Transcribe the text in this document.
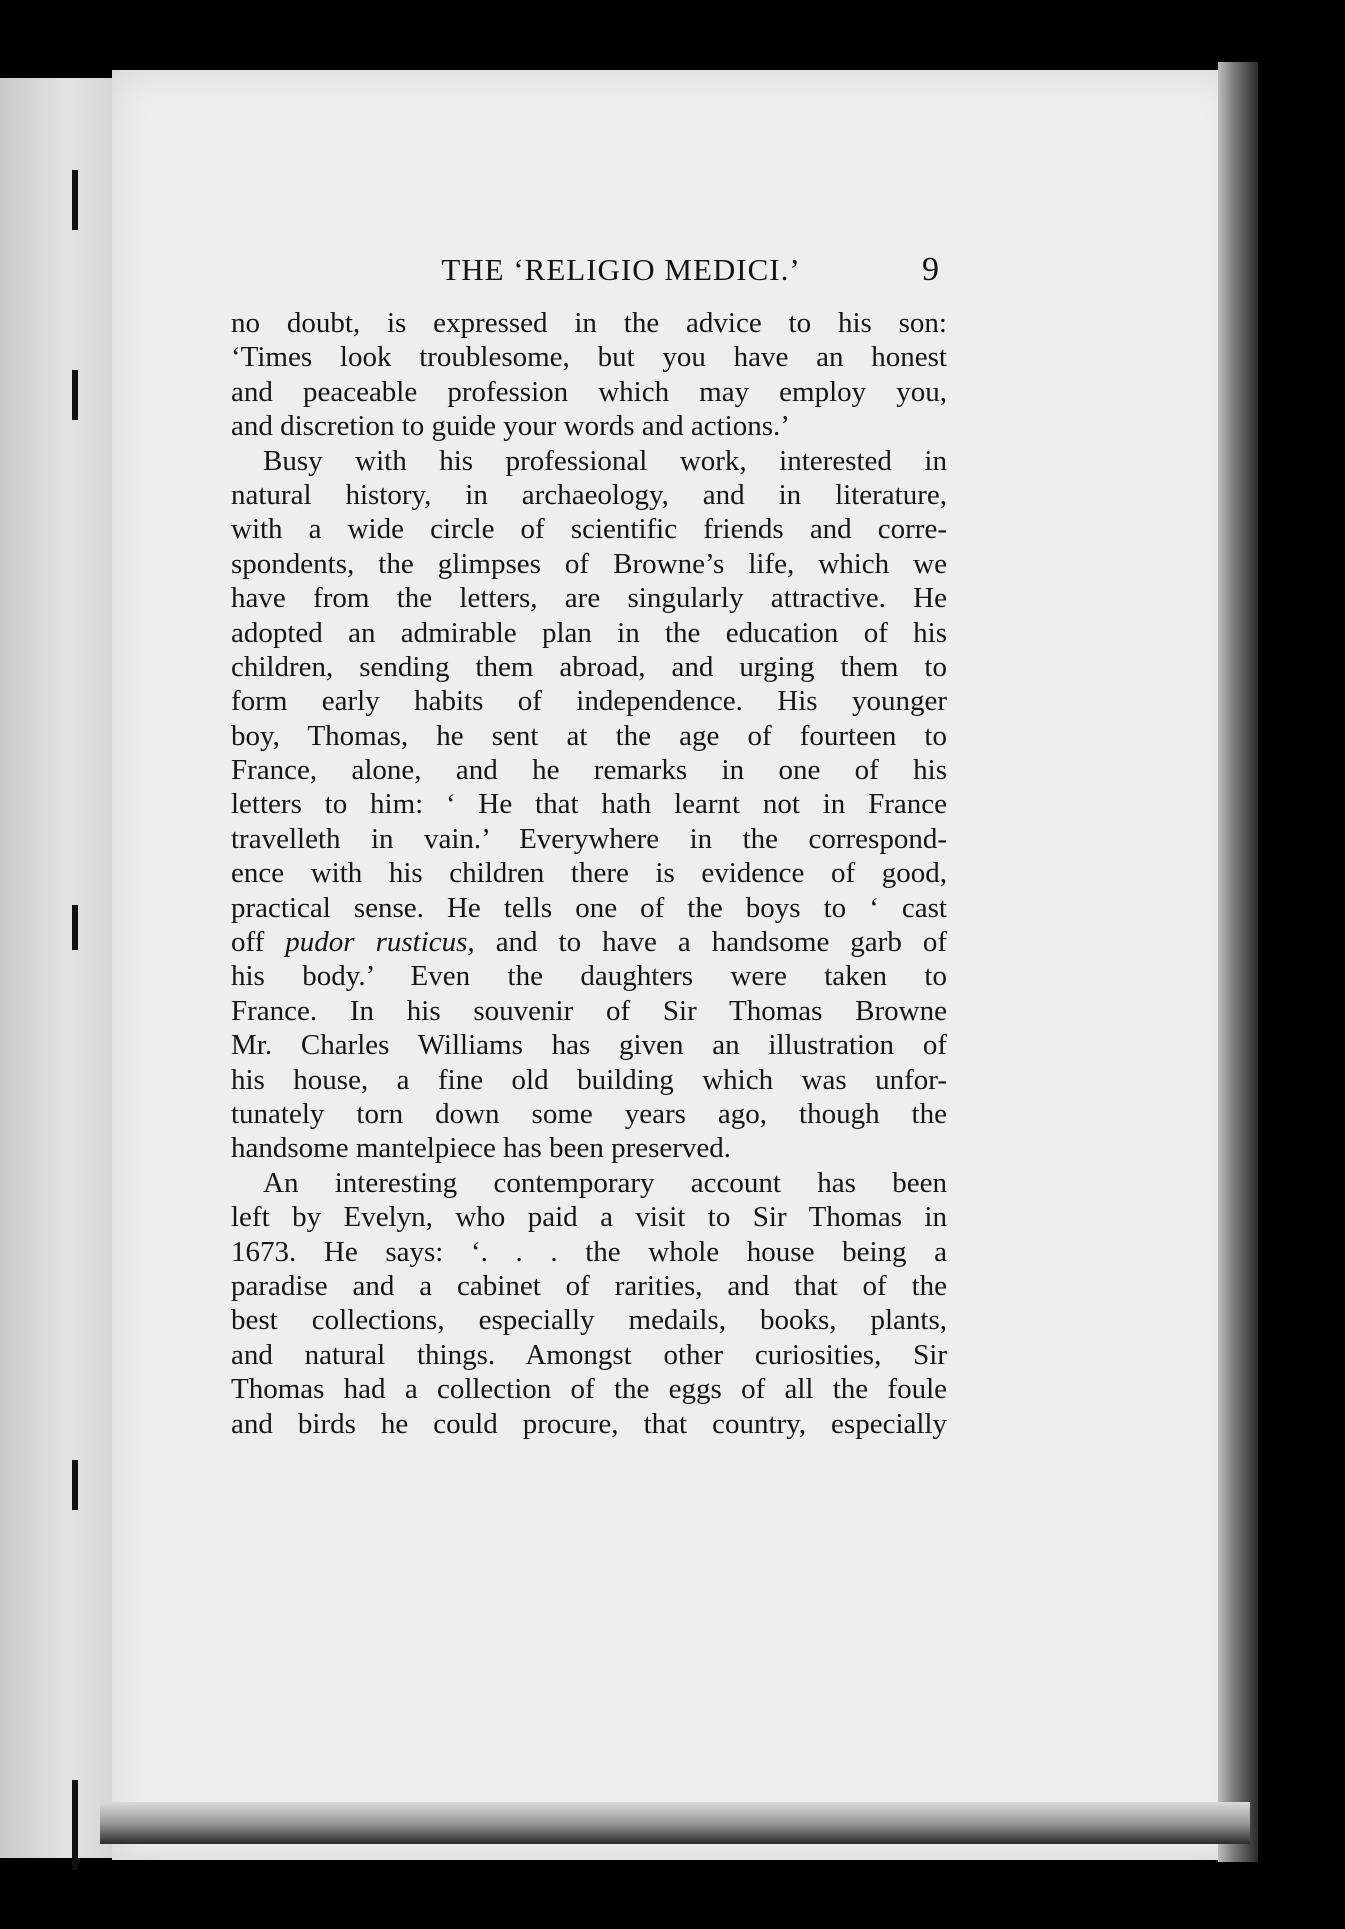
THE ‘RELIGIO MEDICI.’	9
no doubt, is expressed in the advice to his son:
‘Times look troublesome, but you have an honest
and peaceable profession which may employ you,
and discretion to guide your words and actions.’
Busy with his professional work, interested in
natural history, in archaeology, and in literature,
with a wide circle of scientific friends and corre-
spondents, the glimpses of Browne’s life, which we
have from the letters, are singularly attractive. He
adopted an admirable plan in the education of his
children, sending them abroad, and urging them to
form early habits of independence. His younger
boy, Thomas, he sent at the age of fourteen to
France, alone, and he remarks in one of his
letters to him: ‘ He that hath learnt not in France
travelleth in vain.’ Everywhere in the correspond-
ence with his children there is evidence of good,
practical sense. He tells one of the boys to ‘ cast
off pudor rusticus, and to have a handsome garb of
his body.’ Even the daughters were taken to
France. In his souvenir of Sir Thomas Browne
Mr. Charles Williams has given an illustration of
his house, a fine old building which was unfor-
tunately torn down some years ago, though the
handsome mantelpiece has been preserved.
An interesting contemporary account has been
left by Evelyn, who paid a visit to Sir Thomas in
1673. He says: ‘. . . the whole house being a
paradise and a cabinet of rarities, and that of the
best collections, especially medails, books, plants,
and natural things. Amongst other curiosities, Sir
Thomas had a collection of the eggs of all the foule
and birds he could procure, that country, especially
